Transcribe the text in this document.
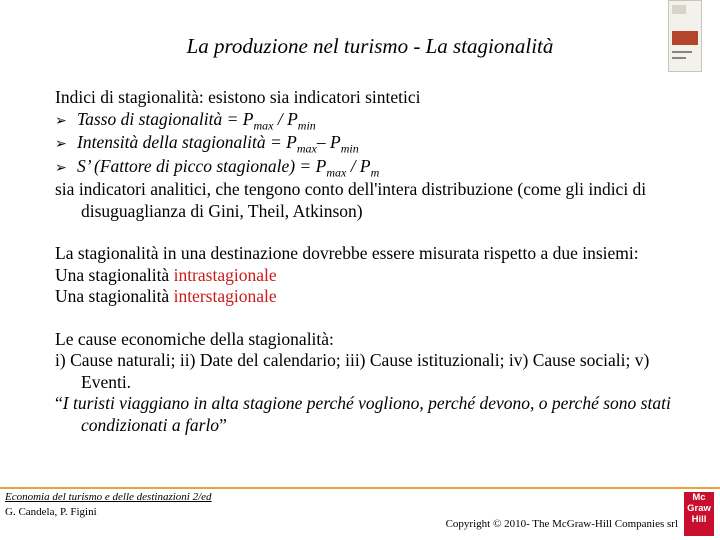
La produzione nel turismo - La stagionalità

Indici di stagionalità: esistono sia indicatori sintetici

➢ Tasso di stagionalità = $P_{max} / P_{min}$

➢ Intensità della stagionalità = $P_{max}-$ $P_{min}$

➢ S’ (Fattore di picco stagionale) = $P_{max} / P_m$

sia indicatori analitici, che tengono conto dell'intera distribuzione (come gli indici di disuguaglianza di Gini, Theil, Atkinson)

La stagionalità in una destinazione dovrebbe essere misurata rispetto a due insiemi:

Una stagionalità intrastagionale

Una stagionalità interstagionale

Le cause economiche della stagionalità:

i) Cause naturali; ii) Date del calendario; iii) Cause istituzionali; iv) Cause sociali; v) Eventi.

“I turisti viaggiano in alta stagione perché vogliono, perché devono, o perché sono stati condizionati a farlo”

Economia del turismo e delle destinazioni 2/ed
G. Candela, P. Figini
Copyright © 2010- The McGraw-Hill Companies srl
Mc
Graw
Hill
